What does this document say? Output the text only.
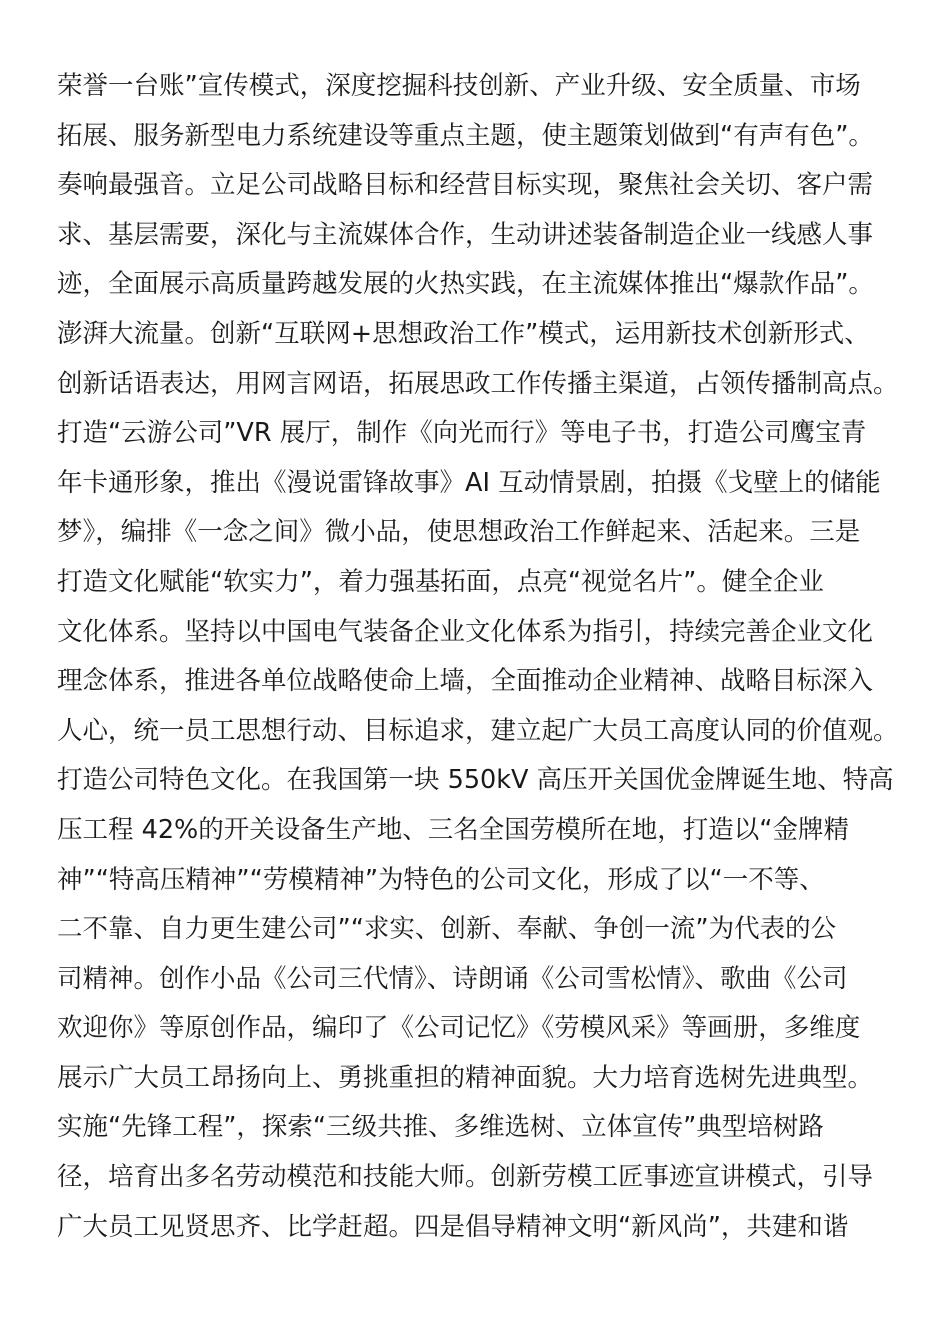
荣誉一台账”宣传模式，深度挖掘科技创新、产业升级、安全质量、市场
拓展、服务新型电力系统建设等重点主题，使主题策划做到“有声有色”。
奏响最强音。立足公司战略目标和经营目标实现，聚焦社会关切、客户需
求、基层需要，深化与主流媒体合作，生动讲述装备制造企业一线感人事
迹，全面展示高质量跨越发展的火热实践，在主流媒体推出“爆款作品”。
澎湃大流量。创新“互联网+思想政治工作”模式，运用新技术创新形式、
创新话语表达，用网言网语，拓展思政工作传播主渠道，占领传播制高点。
打造“云游公司”VR 展厅，制作《向光而行》等电子书，打造公司鹰宝青
年卡通形象，推出《漫说雷锋故事》AI 互动情景剧，拍摄《戈壁上的储能
梦》，编排《一念之间》微小品，使思想政治工作鲜起来、活起来。三是
打造文化赋能“软实力”，着力强基拓面，点亮“视觉名片”。健全企业
文化体系。坚持以中国电气装备企业文化体系为指引，持续完善企业文化
理念体系，推进各单位战略使命上墙，全面推动企业精神、战略目标深入
人心，统一员工思想行动、目标追求，建立起广大员工高度认同的价值观。
打造公司特色文化。在我国第一块 550kV 高压开关国优金牌诞生地、特高
压工程 42%的开关设备生产地、三名全国劳模所在地，打造以“金牌精
神”“特高压精神”“劳模精神”为特色的公司文化，形成了以“一不等、
二不靠、自力更生建公司”“求实、创新、奉献、争创一流”为代表的公
司精神。创作小品《公司三代情》、诗朗诵《公司雪松情》、歌曲《公司
欢迎你》等原创作品，编印了《公司记忆》《劳模风采》等画册，多维度
展示广大员工昂扬向上、勇挑重担的精神面貌。大力培育选树先进典型。
实施“先锋工程”，探索“三级共推、多维选树、立体宣传”典型培树路
径，培育出多名劳动模范和技能大师。创新劳模工匠事迹宣讲模式，引导
广大员工见贤思齐、比学赶超。四是倡导精神文明“新风尚”，共建和谐
